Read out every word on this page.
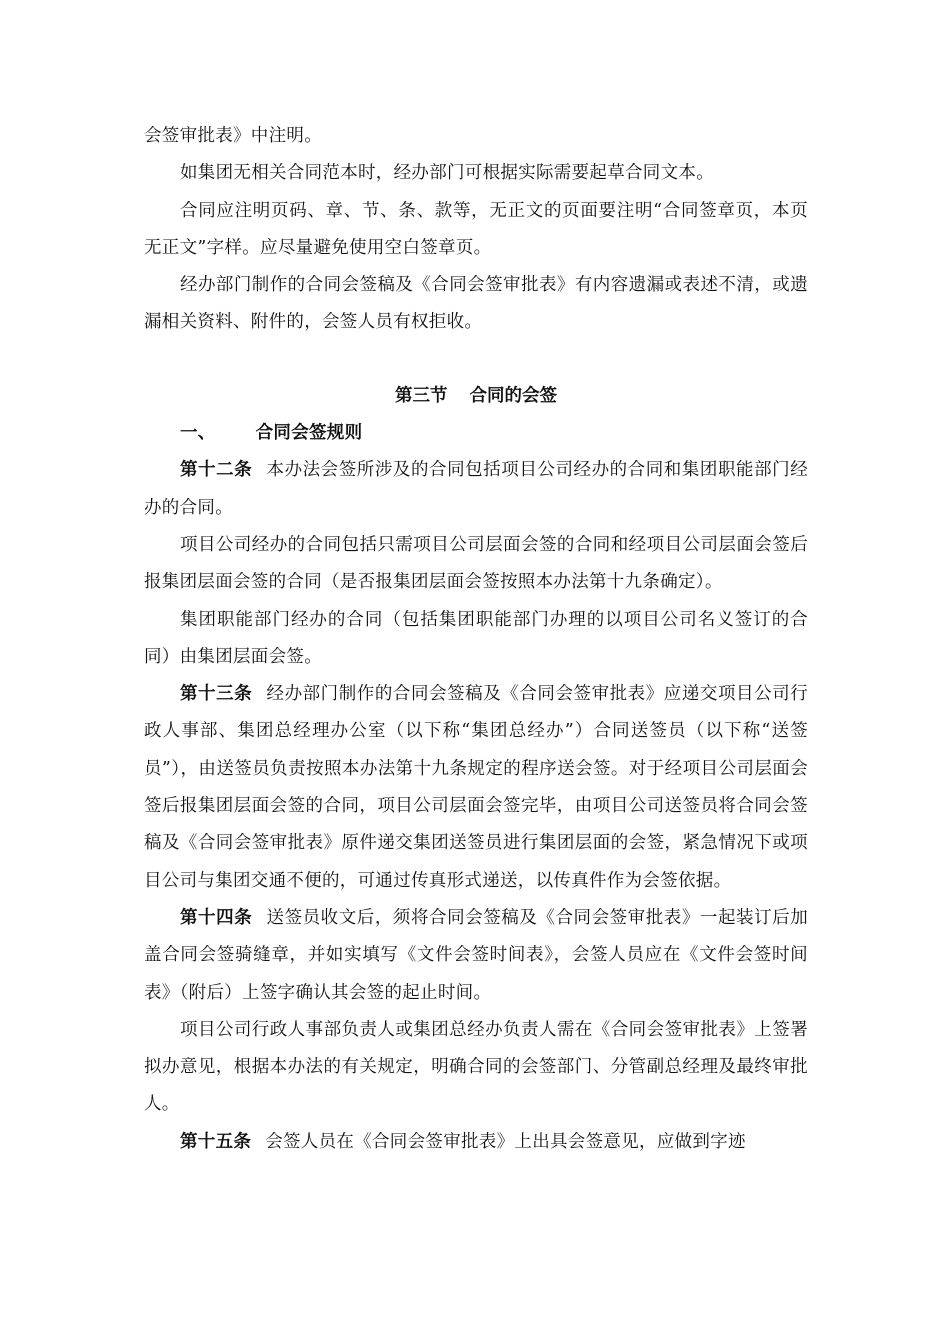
会签审批表》中注明。

如集团无相关合同范本时，经办部门可根据实际需要起草合同文本。

合同应注明页码、章、节、条、款等，无正文的页面要注明“合同签章页，本页无正文”字样。应尽量避免使用空白签章页。

经办部门制作的合同会签稿及《合同会签审批表》有内容遗漏或表述不清，或遗漏相关资料、附件的，会签人员有权拒收。

第三节 合同的会签

一、 合同会签规则

第十二条 本办法会签所涉及的合同包括项目公司经办的合同和集团职能部门经办的合同。

项目公司经办的合同包括只需项目公司层面会签的合同和经项目公司层面会签后报集团层面会签的合同（是否报集团层面会签按照本办法第十九条确定）。

集团职能部门经办的合同（包括集团职能部门办理的以项目公司名义签订的合同）由集团层面会签。

第十三条 经办部门制作的合同会签稿及《合同会签审批表》应递交项目公司行政人事部、集团总经理办公室（以下称“集团总经办”）合同送签员（以下称“送签员”），由送签员负责按照本办法第十九条规定的程序送会签。对于经项目公司层面会签后报集团层面会签的合同，项目公司层面会签完毕，由项目公司送签员将合同会签稿及《合同会签审批表》原件递交集团送签员进行集团层面的会签，紧急情况下或项目公司与集团交通不便的，可通过传真形式递送，以传真件作为会签依据。

第十四条 送签员收文后，须将合同会签稿及《合同会签审批表》一起装订后加盖合同会签骑缝章，并如实填写《文件会签时间表》，会签人员应在《文件会签时间表》（附后）上签字确认其会签的起止时间。

项目公司行政人事部负责人或集团总经办负责人需在《合同会签审批表》上签署拟办意见，根据本办法的有关规定，明确合同的会签部门、分管副总经理及最终审批人。

第十五条 会签人员在《合同会签审批表》上出具会签意见，应做到字迹
